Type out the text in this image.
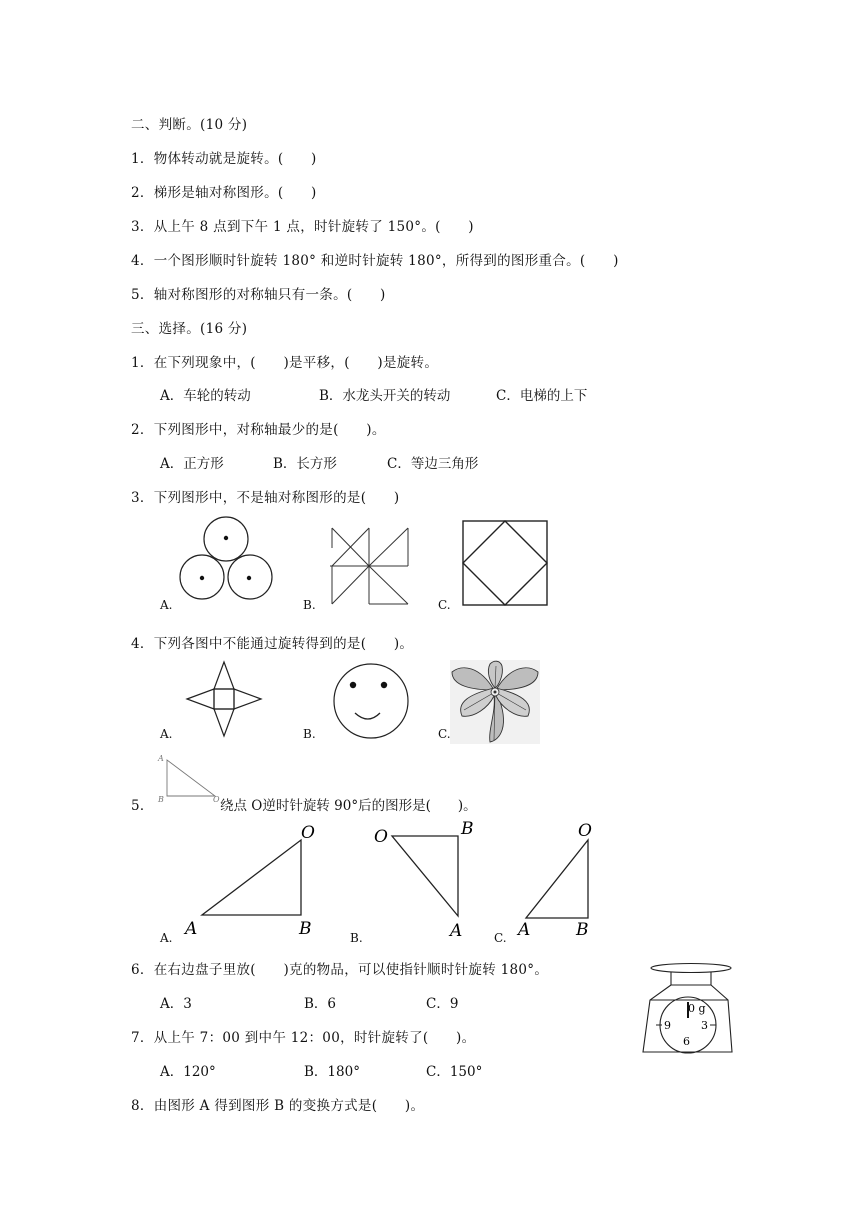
二、判断。(10 分)
1．物体转动就是旋转。(　　)
2．梯形是轴对称图形。(　　)
3．从上午 8 点到下午 1 点，时针旋转了 150°。(　　)
4．一个图形顺时针旋转 180° 和逆时针旋转 180°，所得到的图形重合。(　　)
5．轴对称图形的对称轴只有一条。(　　)
三、选择。(16 分)
1．在下列现象中，(　　)是平移，(　　)是旋转。
A．车轮的转动	B．水龙头开关的转动	C．电梯的上下
2．下列图形中，对称轴最少的是(　　)。
A．正方形	B．长方形	C．等边三角形
3．下列图形中，不是轴对称图形的是(　　)
A.	B.	C.
4．下列各图中不能通过旋转得到的是(　　)。
A.	B.	C.
A
B	O
5．	绕点 O逆时针旋转 90°后的图形是(　　)。
O
A	B
A.
O	B
A
B.
O
A	B
C.
6．在右边盘子里放(　　)克的物品，可以使指针顺时针旋转 180°。
A．3	B．6	C．9	0 g
9	3
6
7．从上午 7：00 到中午 12：00，时针旋转了(　　)。
A．120°	B．180°	C．150°
8．由图形 A 得到图形 B 的变换方式是(　　)。
